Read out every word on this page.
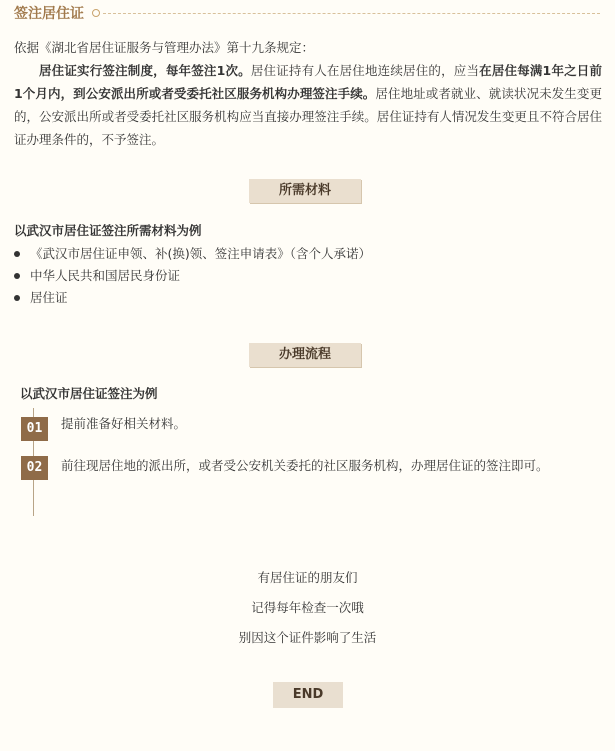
签注居住证

依据《湖北省居住证服务与管理办法》第十九条规定：

居住证实行签注制度，每年签注1次。居住证持有人在居住地连续居住的，应当在居住每满1年之日前1个月内，到公安派出所或者受委托社区服务机构办理签注手续。居住地址或者就业、就读状况未发生变更的，公安派出所或者受委托社区服务机构应当直接办理签注手续。居住证持有人情况发生变更且不符合居住证办理条件的，不予签注。

所需材料
以武汉市居住证签注所需材料为例
《武汉市居住证申领、补(换)领、签注申请表》（含个人承诺）
中华人民共和国居民身份证
居住证
办理流程
以武汉市居住证签注为例
01	提前准备好相关材料。
02	前往现居住地的派出所，或者受公安机关委托的社区服务机构，办理居住证的签注即可。
有居住证的朋友们
记得每年检查一次哦
别因这个证件影响了生活
END
